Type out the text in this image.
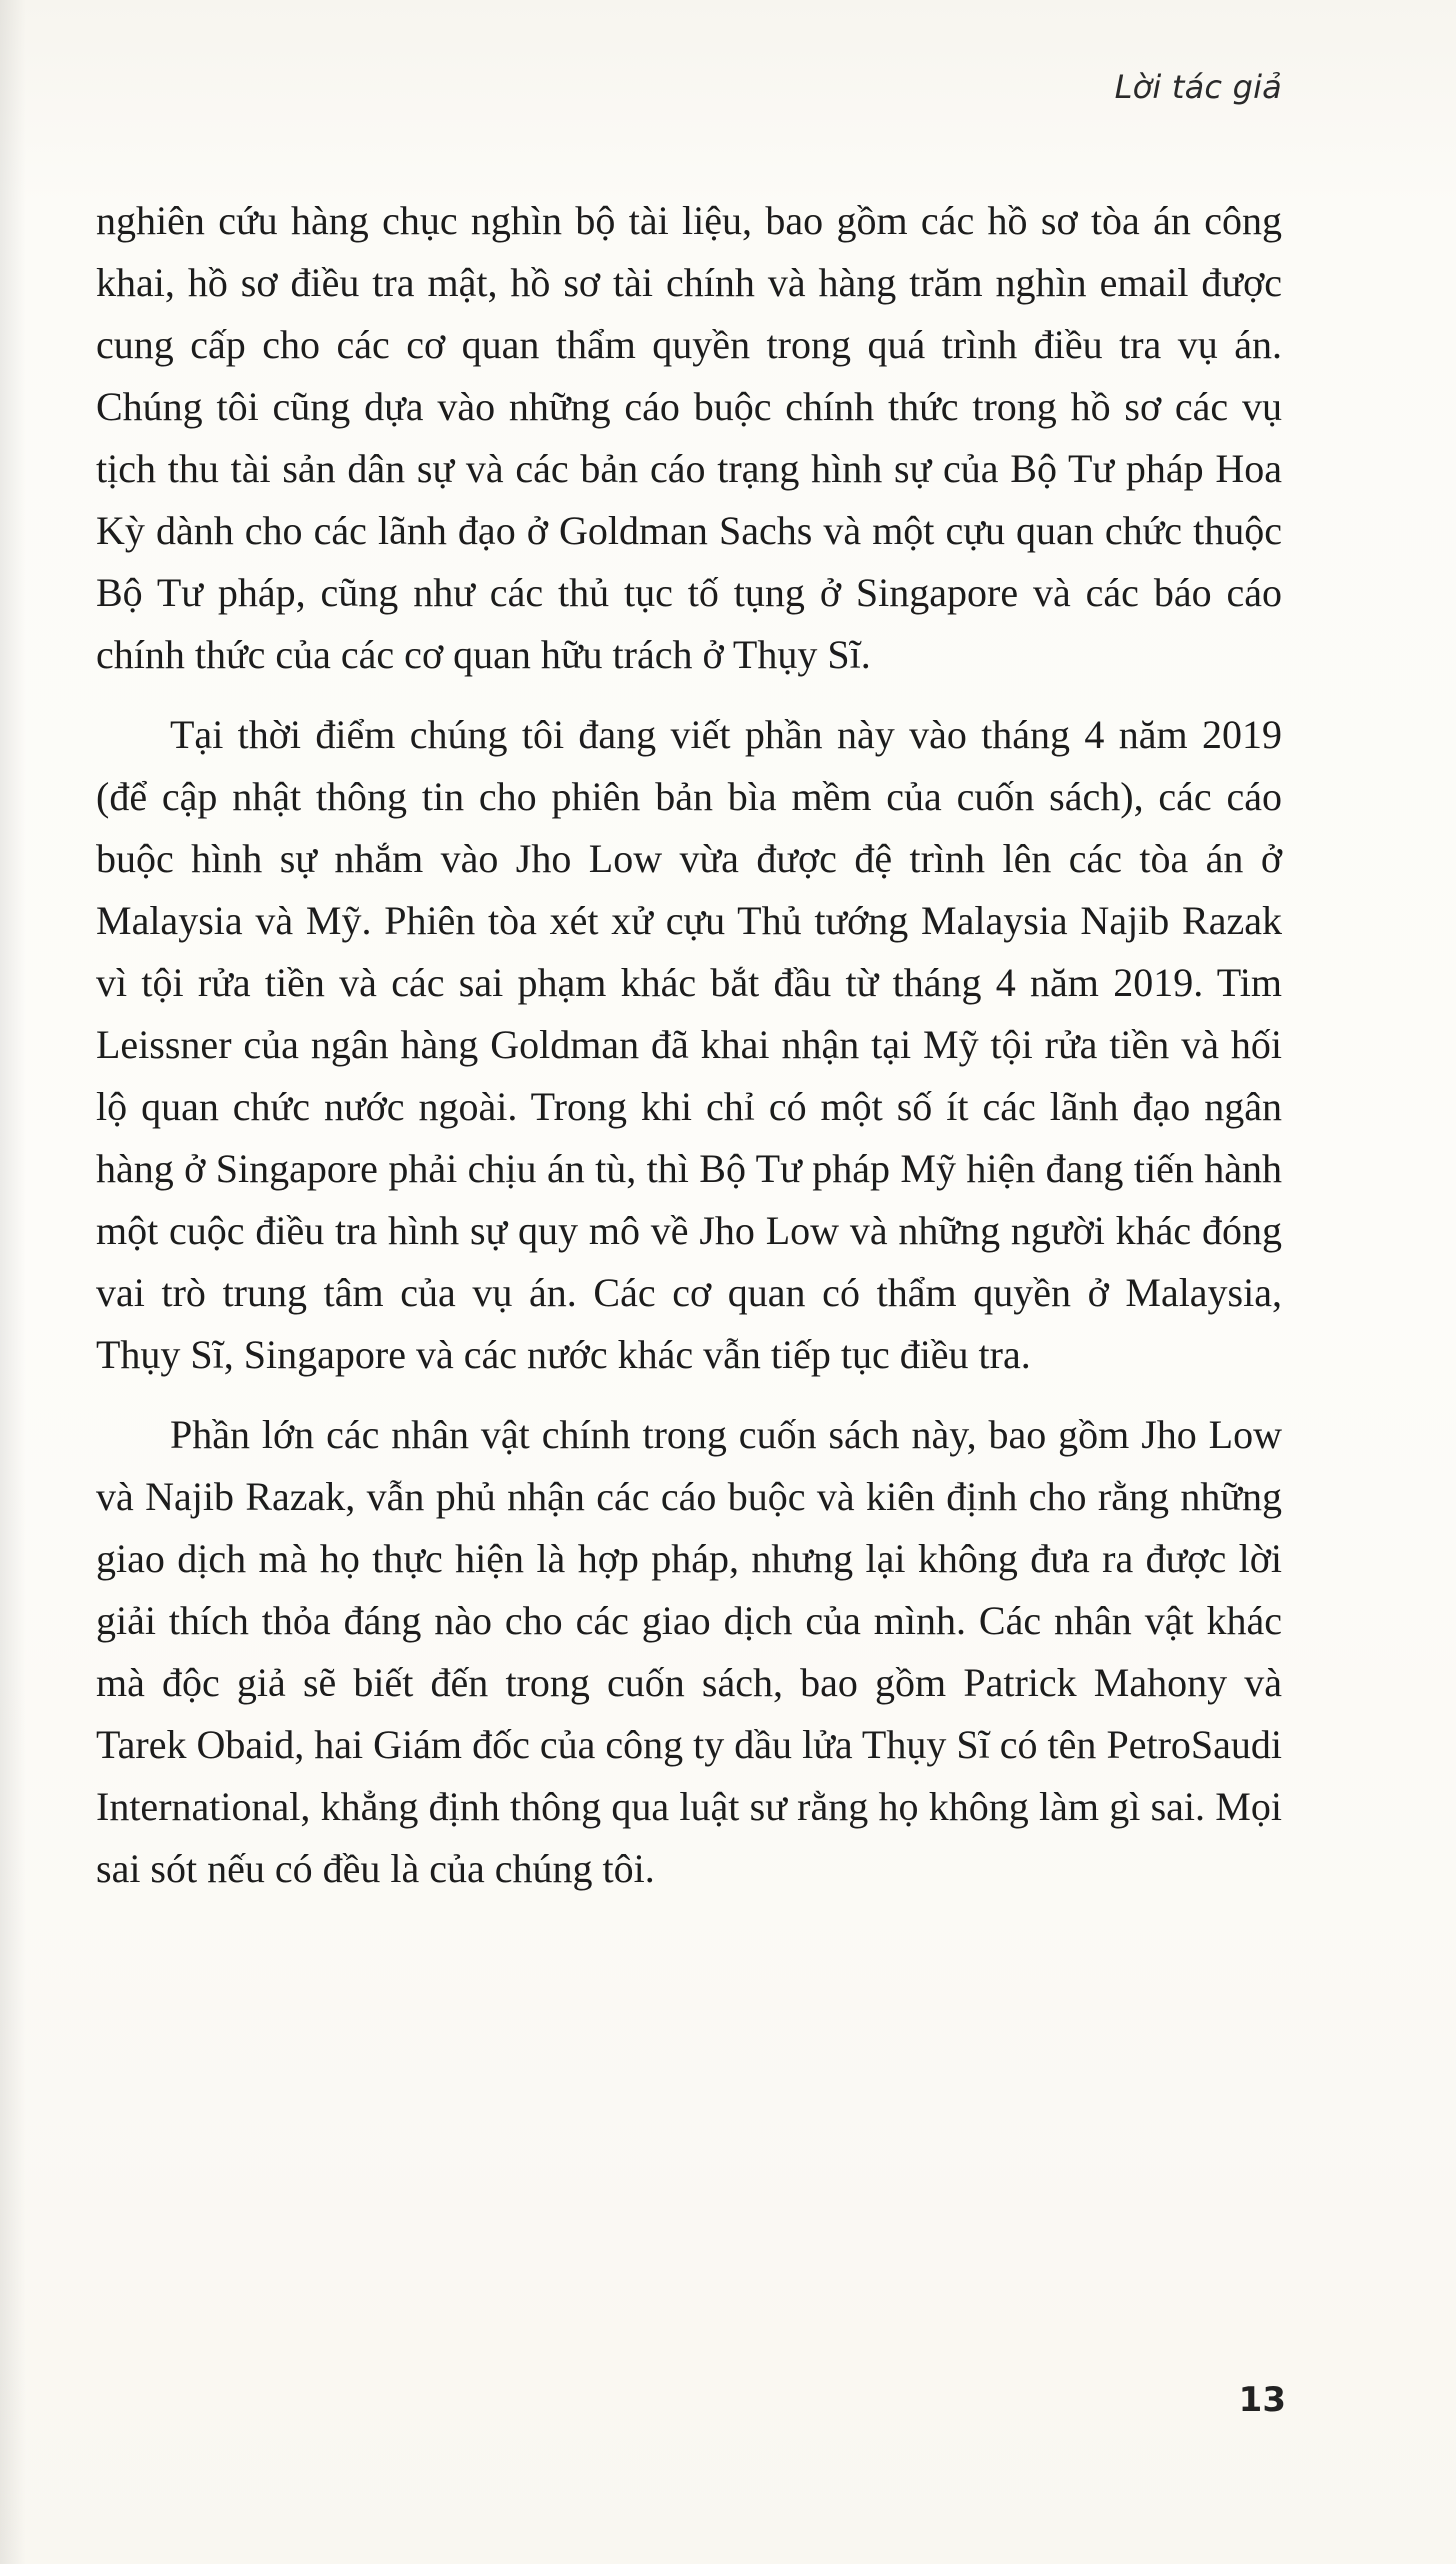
Lời tác giả

nghiên cứu hàng chục nghìn bộ tài liệu, bao gồm các hồ sơ tòa án công khai, hồ sơ điều tra mật, hồ sơ tài chính và hàng trăm nghìn email được cung cấp cho các cơ quan thẩm quyền trong quá trình điều tra vụ án. Chúng tôi cũng dựa vào những cáo buộc chính thức trong hồ sơ các vụ tịch thu tài sản dân sự và các bản cáo trạng hình sự của Bộ Tư pháp Hoa Kỳ dành cho các lãnh đạo ở Goldman Sachs và một cựu quan chức thuộc Bộ Tư pháp, cũng như các thủ tục tố tụng ở Singapore và các báo cáo chính thức của các cơ quan hữu trách ở Thụy Sĩ.

Tại thời điểm chúng tôi đang viết phần này vào tháng 4 năm 2019 (để cập nhật thông tin cho phiên bản bìa mềm của cuốn sách), các cáo buộc hình sự nhắm vào Jho Low vừa được đệ trình lên các tòa án ở Malaysia và Mỹ. Phiên tòa xét xử cựu Thủ tướng Malaysia Najib Razak vì tội rửa tiền và các sai phạm khác bắt đầu từ tháng 4 năm 2019. Tim Leissner của ngân hàng Goldman đã khai nhận tại Mỹ tội rửa tiền và hối lộ quan chức nước ngoài. Trong khi chỉ có một số ít các lãnh đạo ngân hàng ở Singapore phải chịu án tù, thì Bộ Tư pháp Mỹ hiện đang tiến hành một cuộc điều tra hình sự quy mô về Jho Low và những người khác đóng vai trò trung tâm của vụ án. Các cơ quan có thẩm quyền ở Malaysia, Thụy Sĩ, Singapore và các nước khác vẫn tiếp tục điều tra.

Phần lớn các nhân vật chính trong cuốn sách này, bao gồm Jho Low và Najib Razak, vẫn phủ nhận các cáo buộc và kiên định cho rằng những giao dịch mà họ thực hiện là hợp pháp, nhưng lại không đưa ra được lời giải thích thỏa đáng nào cho các giao dịch của mình. Các nhân vật khác mà độc giả sẽ biết đến trong cuốn sách, bao gồm Patrick Mahony và Tarek Obaid, hai Giám đốc của công ty dầu lửa Thụy Sĩ có tên PetroSaudi International, khẳng định thông qua luật sư rằng họ không làm gì sai. Mọi sai sót nếu có đều là của chúng tôi.

13
